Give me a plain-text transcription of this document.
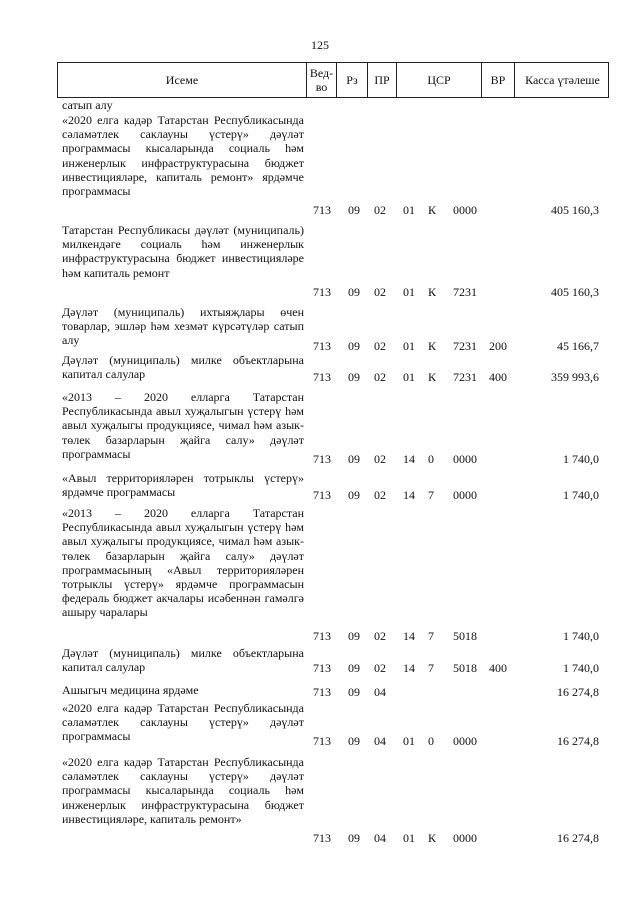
125
Исеме	Вед-во	Рз	ПР	ЦСР	ВР	Касса үтәлеше
сатып алу
«2020 елга кадәр Татарстан Республикасында сәламәтлек саклауны үстерү» дәүләт программасы кысаларында социаль һәм инженерлык инфраструктурасына бюджет инвестицияләре, капиталь ремонт» ярдәмче программасы
713 09 02 01 К 0000	405 160,3
Татарстан Республикасы дәүләт (муниципаль) милкендәге социаль һәм инженерлык инфраструктурасына бюджет инвестицияләре һәм капиталь ремонт
713 09 02 01 К 7231	405 160,3
Дәүләт (муниципаль) ихтыяҗлары өчен товарлар, эшләр һәм хезмәт күрсәтүләр сатып алу	713 09 02 01 К 7231 200	45 166,7
Дәүләт (муниципаль) милке объектларына капитал салулар	713 09 02 01 К 7231 400	359 993,6
«2013 – 2020 елларга Татарстан Республикасында авыл хуҗалыгын үстерү һәм авыл хуҗалыгы продукциясе, чимал һәм азык-төлек базарларын җайга салу» дәүләт программасы	713 09 02 14 0 0000	1 740,0
«Авыл территорияләрен тотрыклы үстерү» ярдәмче программасы	713 09 02 14 7 0000	1 740,0
«2013 – 2020 елларга Татарстан Республикасында авыл хуҗалыгын үстерү һәм авыл хуҗалыгы продукциясе, чимал һәм азык-төлек базарларын җайга салу» дәүләт программасының «Авыл территорияләрен тотрыклы үстерү» ярдәмче программасын федераль бюджет акчалары исәбеннән гамәлгә ашыру чаралары
713 09 02 14 7 5018	1 740,0
Дәүләт (муниципаль) милке объектларына капитал салулар	713 09 02 14 7 5018 400	1 740,0
Ашыгыч медицина ярдәме	713 09 04	16 274,8
«2020 елга кадәр Татарстан Республикасында сәламәтлек саклауны үстерү» дәүләт программасы	713 09 04 01 0 0000	16 274,8
«2020 елга кадәр Татарстан Республикасында сәламәтлек саклауны үстерү» дәүләт программасы кысаларында социаль һәм инженерлык инфраструктурасына бюджет инвестицияләре, капиталь ремонт»
713 09 04 01 К 0000	16 274,8
